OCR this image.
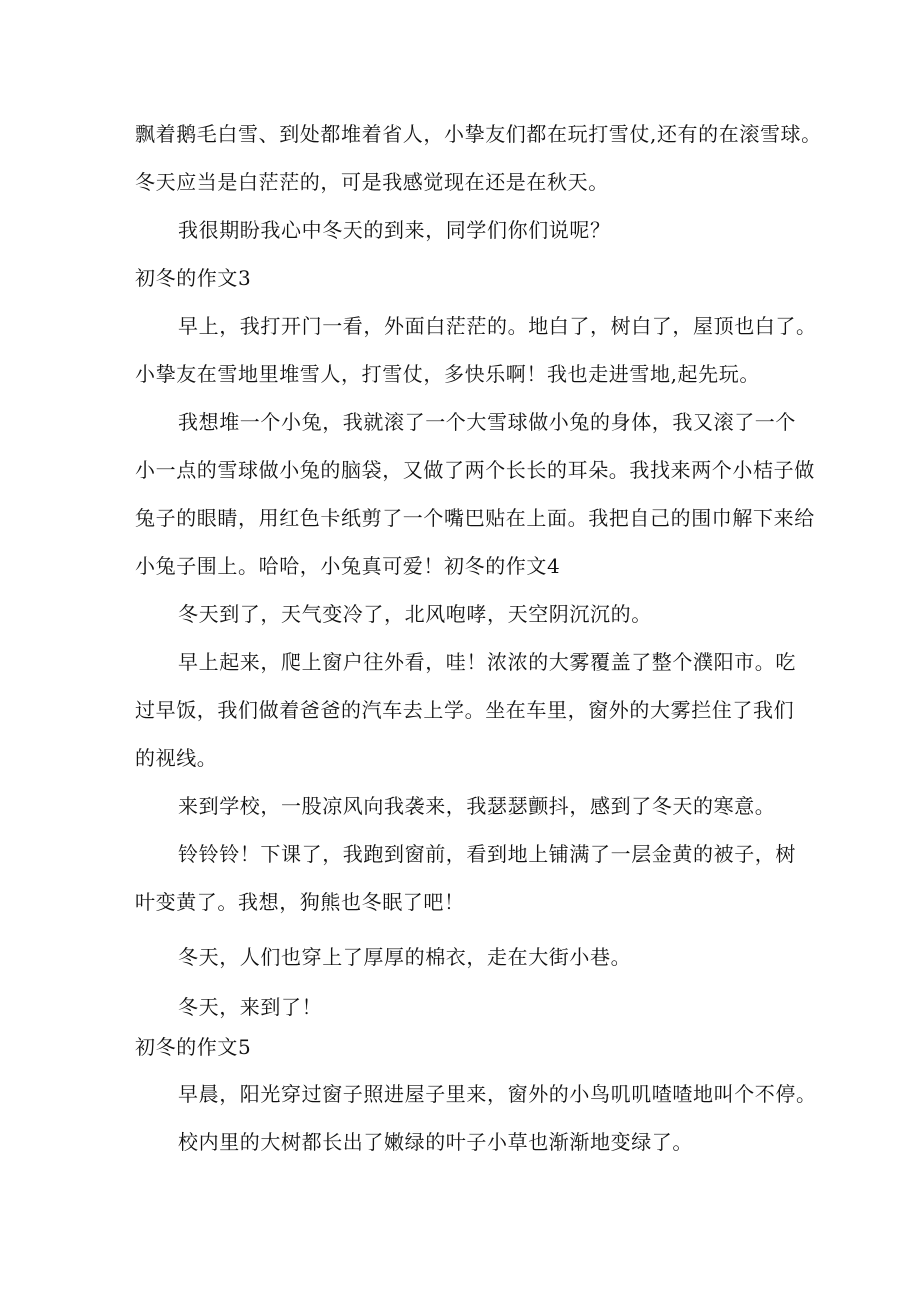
飘着鹅毛白雪、到处都堆着省人，小挚友们都在玩打雪仗,还有的在滚雪球。
冬天应当是白茫茫的，可是我感觉现在还是在秋天。
我很期盼我心中冬天的到来，同学们你们说呢？
初冬的作文3
早上，我打开门一看，外面白茫茫的。地白了，树白了，屋顶也白了。
小挚友在雪地里堆雪人，打雪仗，多快乐啊！我也走进雪地,起先玩。
我想堆一个小兔，我就滚了一个大雪球做小兔的身体，我又滚了一个
小一点的雪球做小兔的脑袋，又做了两个长长的耳朵。我找来两个小桔子做
兔子的眼睛，用红色卡纸剪了一个嘴巴贴在上面。我把自己的围巾解下来给
小兔子围上。哈哈，小兔真可爱！初冬的作文4
冬天到了，天气变冷了，北风咆哮，天空阴沉沉的。
早上起来，爬上窗户往外看，哇！浓浓的大雾覆盖了整个濮阳市。吃
过早饭，我们做着爸爸的汽车去上学。坐在车里，窗外的大雾拦住了我们
的视线。
来到学校，一股凉风向我袭来，我瑟瑟颤抖，感到了冬天的寒意。
铃铃铃！下课了，我跑到窗前，看到地上铺满了一层金黄的被子，树
叶变黄了。我想，狗熊也冬眠了吧！
冬天，人们也穿上了厚厚的棉衣，走在大街小巷。
冬天，来到了！
初冬的作文5
早晨，阳光穿过窗子照进屋子里来，窗外的小鸟叽叽喳喳地叫个不停。
校内里的大树都长出了嫩绿的叶子小草也渐渐地变绿了。
